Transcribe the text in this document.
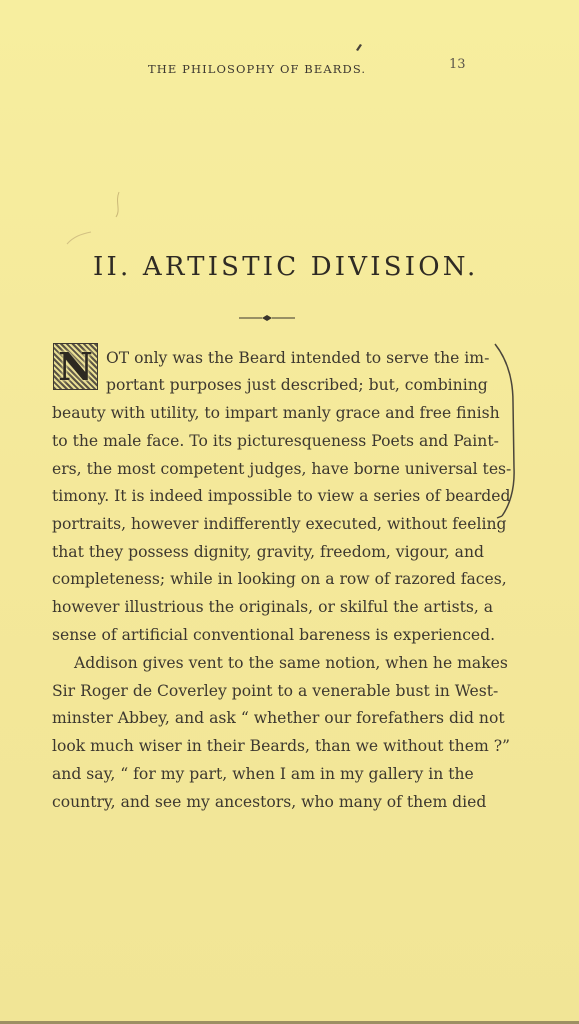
THE PHILOSOPHY OF BEARDS.	13
II. ARTISTIC DIVISION.
N OT only was the Beard intended to serve the im-
portant purposes just described; but, combining
beauty with utility, to impart manly grace and free finish
to the male face. To its picturesqueness Poets and Paint-
ers, the most competent judges, have borne universal tes-
timony. It is indeed impossible to view a series of bearded
portraits, however indifferently executed, without feeling
that they possess dignity, gravity, freedom, vigour, and
completeness; while in looking on a row of razored faces,
however illustrious the originals, or skilful the artists, a
sense of artificial conventional bareness is experienced.
Addison gives vent to the same notion, when he makes
Sir Roger de Coverley point to a venerable bust in West-
minster Abbey, and ask “ whether our forefathers did not
look much wiser in their Beards, than we without them ?”
and say, “ for my part, when I am in my gallery in the
country, and see my ancestors, who many of them died
